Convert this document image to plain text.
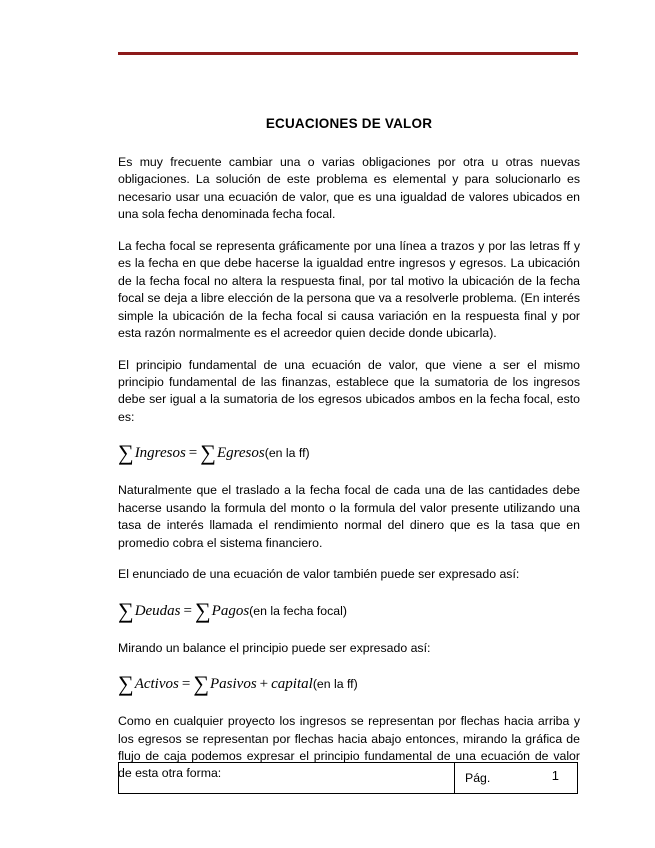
ECUACIONES DE VALOR

Es muy frecuente cambiar una o varias obligaciones por otra u otras nuevas obligaciones. La solución de este problema es elemental y para solucionarlo es necesario usar una ecuación de valor, que es una igualdad de valores ubicados en una sola fecha denominada fecha focal.

La fecha focal se representa gráficamente por una línea a trazos y por las letras ff y es la fecha en que debe hacerse la igualdad entre ingresos y egresos. La ubicación de la fecha focal no altera la respuesta final, por tal motivo la ubicación de la fecha focal se deja a libre elección de la persona que va a resolverle problema. (En interés simple la ubicación de la fecha focal si causa variación en la respuesta final y por esta razón normalmente es el acreedor quien decide donde ubicarla).

El principio fundamental de una ecuación de valor, que viene a ser el mismo principio fundamental de las finanzas, establece que la sumatoria de los ingresos debe ser igual a la sumatoria de los egresos ubicados ambos en la fecha focal, esto es:

∑Ingresos = ∑Egresos(en la ff)

Naturalmente que el traslado a la fecha focal de cada una de las cantidades debe hacerse usando la formula del monto o la formula del valor presente utilizando una tasa de interés llamada el rendimiento normal del dinero que es la tasa que en promedio cobra el sistema financiero.

El enunciado de una ecuación de valor también puede ser expresado así:

∑Deudas = ∑Pagos(en la fecha focal)

Mirando un balance el principio puede ser expresado así:

∑Activos = ∑Pasivos + capital(en la ff)

Como en cualquier proyecto los ingresos se representan por flechas hacia arriba y los egresos se representan por flechas hacia abajo entonces, mirando la gráfica de flujo de caja podemos expresar el principio fundamental de una ecuación de valor de esta otra forma:	Pág.	1
